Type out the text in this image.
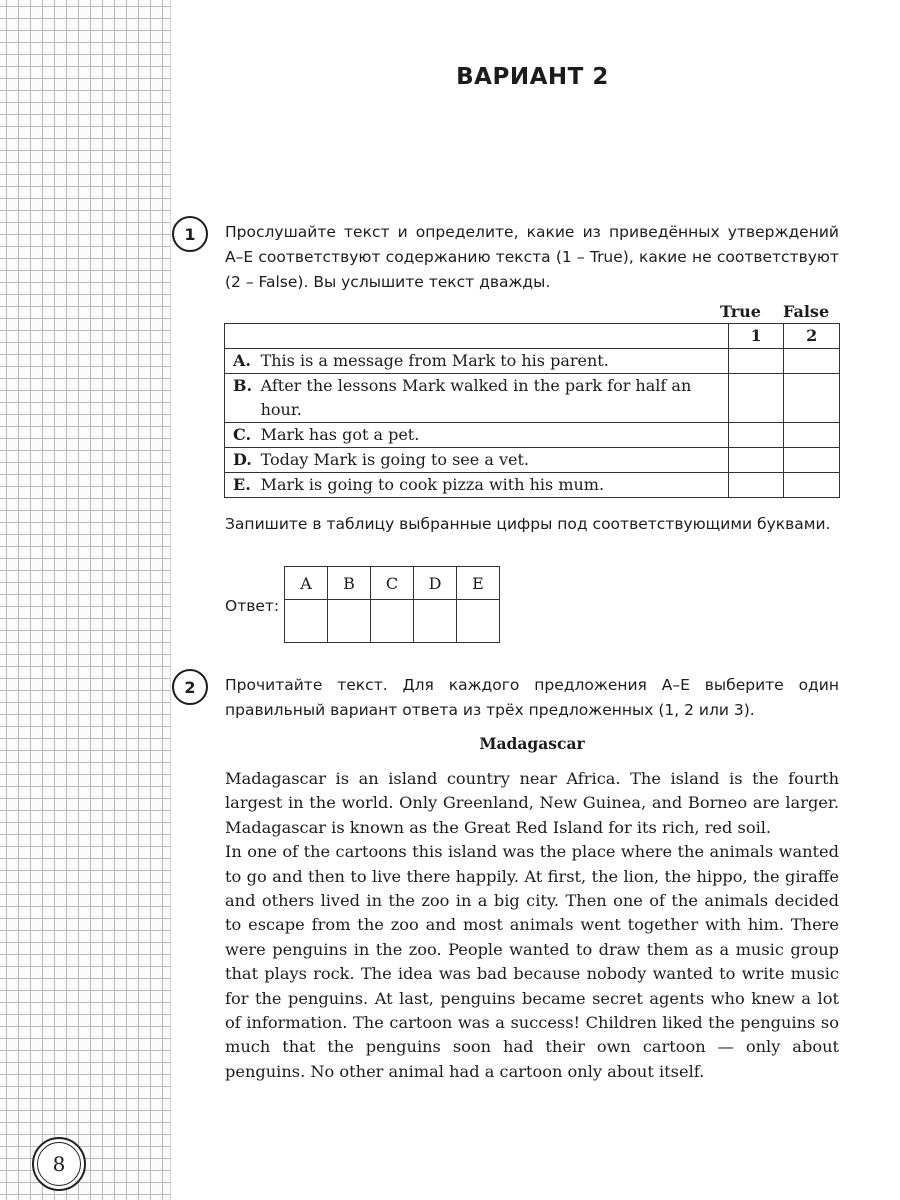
8
ВАРИАНТ 2
1	Прослушайте текст и определите, какие из приведённых утверждений A–E соответствуют содержанию текста (1 – True), какие не соответствуют (2 – False). Вы услышите текст дважды.
True False
		1	2
A.	This is a message from Mark to his parent.		
B.	After the lessons Mark walked in the park for half an hour.		
C.	Mark has got a pet.		
D.	Today Mark is going to see a vet.		
E.	Mark is going to cook pizza with his mum.		
Запишите в таблицу выбранные цифры под соответствующими буквами.
Ответ:
A	B	C	D	E

2	Прочитайте текст. Для каждого предложения A–E выберите один правильный вариант ответа из трёх предложенных (1, 2 или 3).
Madagascar

Madagascar is an island country near Africa. The island is the fourth largest in the world. Only Greenland, New Guinea, and Borneo are larger. Madagascar is known as the Great Red Island for its rich, red soil.

In one of the cartoons this island was the place where the animals wanted to go and then to live there happily. At first, the lion, the hippo, the giraffe and others lived in the zoo in a big city. Then one of the animals decided to escape from the zoo and most animals went together with him. There were penguins in the zoo. People wanted to draw them as a music group that plays rock. The idea was bad because nobody wanted to write music for the penguins. At last, penguins became secret agents who knew a lot of information. The cartoon was a success! Children liked the penguins so much that the penguins soon had their own cartoon — only about penguins. No other animal had a cartoon only about itself.
